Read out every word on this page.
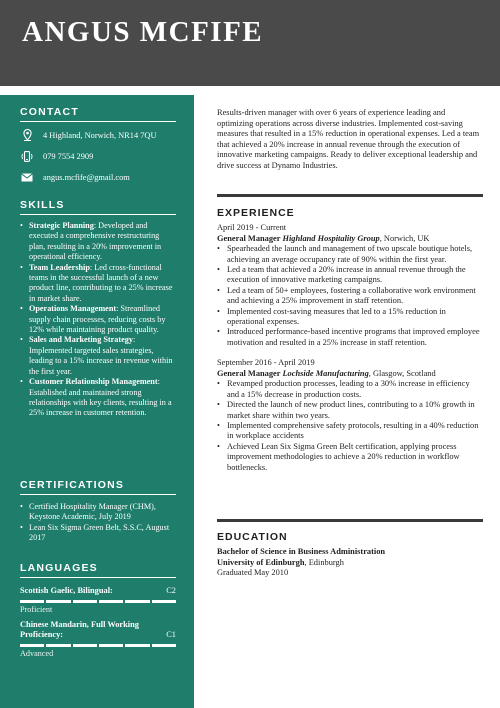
ANGUS MCFIFE
CONTACT
4 Highland, Norwich, NR14 7QU
079 7554 2909
angus.mcfife@gmail.com
SKILLS
• Strategic Planning: Developed and executed a comprehensive restructuring plan, resulting in a 20% improvement in operational efficiency.
• Team Leadership: Led cross-functional teams in the successful launch of a new product line, contributing to a 25% increase in market share.
• Operations Management: Streamlined supply chain processes, reducing costs by 12% while maintaining product quality.
• Sales and Marketing Strategy: Implemented targeted sales strategies, leading to a 15% increase in revenue within the first year.
• Customer Relationship Management: Established and maintained strong relationships with key clients, resulting in a 25% increase in customer retention.
CERTIFICATIONS
• Certified Hospitality Manager (CHM), Keystone Academic, July 2019
• Lean Six Sigma Green Belt, S.S.C, August 2017
LANGUAGES
Scottish Gaelic, Bilingual:	C2
Proficient
Chinese Mandarin, Full Working Proficiency:	C1
Advanced
Results-driven manager with over 6 years of experience leading and optimizing operations across diverse industries. Implemented cost-saving measures that resulted in a 15% reduction in operational expenses. Led a team that achieved a 20% increase in annual revenue through the execution of innovative marketing campaigns. Ready to deliver exceptional leadership and drive success at Dynamo Industries.
EXPERIENCE
April 2019 - Current
General Manager Highland Hospitality Group, Norwich, UK
• Spearheaded the launch and management of two upscale boutique hotels, achieving an average occupancy rate of 90% within the first year.
• Led a team that achieved a 20% increase in annual revenue through the execution of innovative marketing campaigns.
• Led a team of 50+ employees, fostering a collaborative work environment and achieving a 25% improvement in staff retention.
• Implemented cost-saving measures that led to a 15% reduction in operational expenses.
• Introduced performance-based incentive programs that improved employee motivation and resulted in a 25% increase in staff retention.
September 2016 - April 2019
General Manager Lochside Manufacturing, Glasgow, Scotland
• Revamped production processes, leading to a 30% increase in efficiency and a 15% decrease in production costs.
• Directed the launch of new product lines, contributing to a 10% growth in market share within two years.
• Implemented comprehensive safety protocols, resulting in a 40% reduction in workplace accidents
• Achieved Lean Six Sigma Green Belt certification, applying process improvement methodologies to achieve a 20% reduction in workflow bottlenecks.
EDUCATION
Bachelor of Science in Business Administration
University of Edinburgh, Edinburgh
Graduated May 2010
